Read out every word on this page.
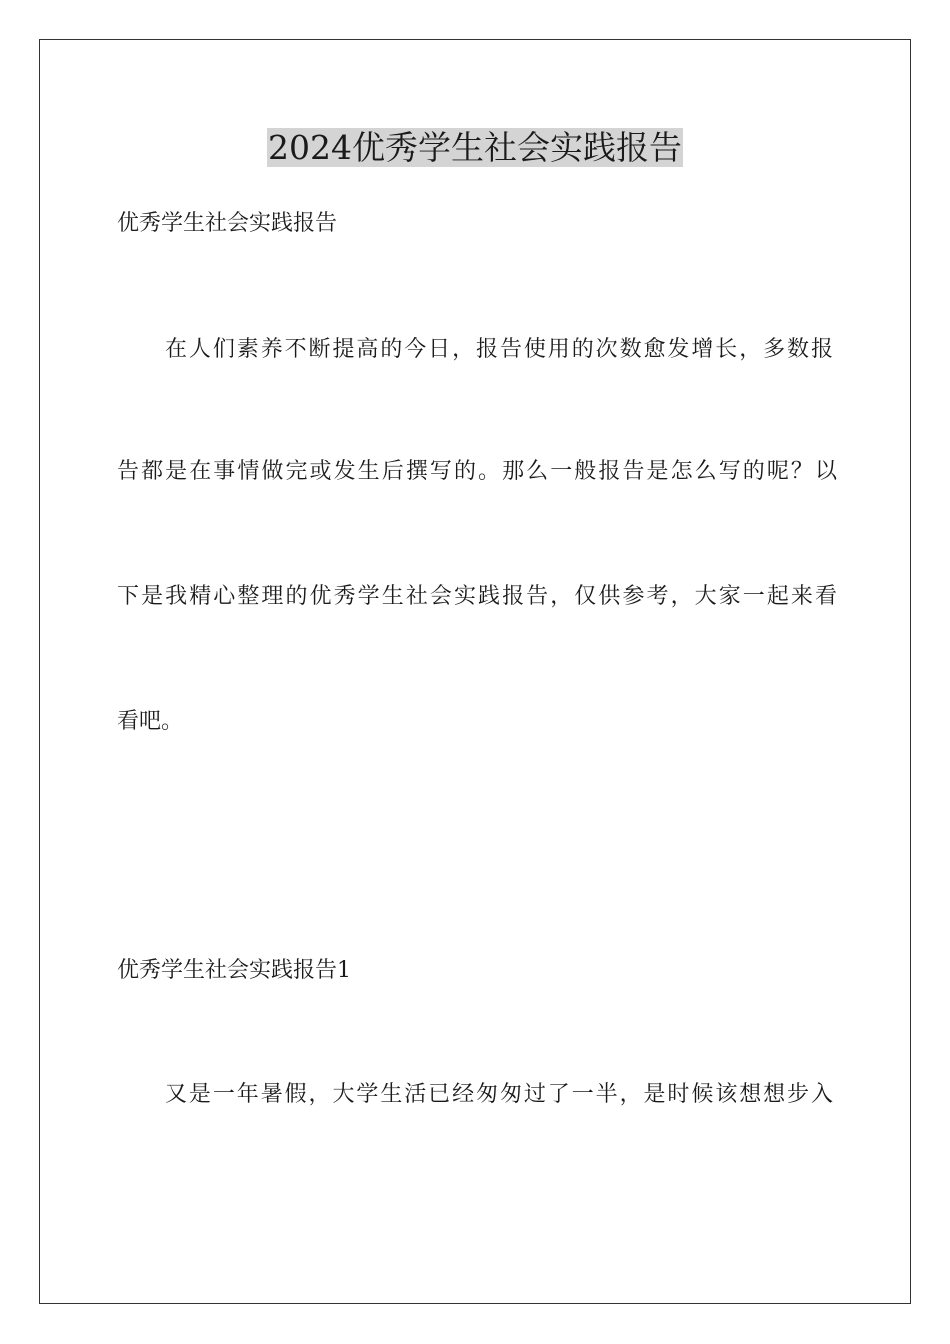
2024优秀学生社会实践报告

优秀学生社会实践报告

在人们素养不断提高的今日，报告使用的次数愈发增长，多数报

告都是在事情做完或发生后撰写的。那么一般报告是怎么写的呢？以

下是我精心整理的优秀学生社会实践报告，仅供参考，大家一起来看

看吧。

优秀学生社会实践报告1

又是一年暑假，大学生活已经匆匆过了一半，是时候该想想步入
